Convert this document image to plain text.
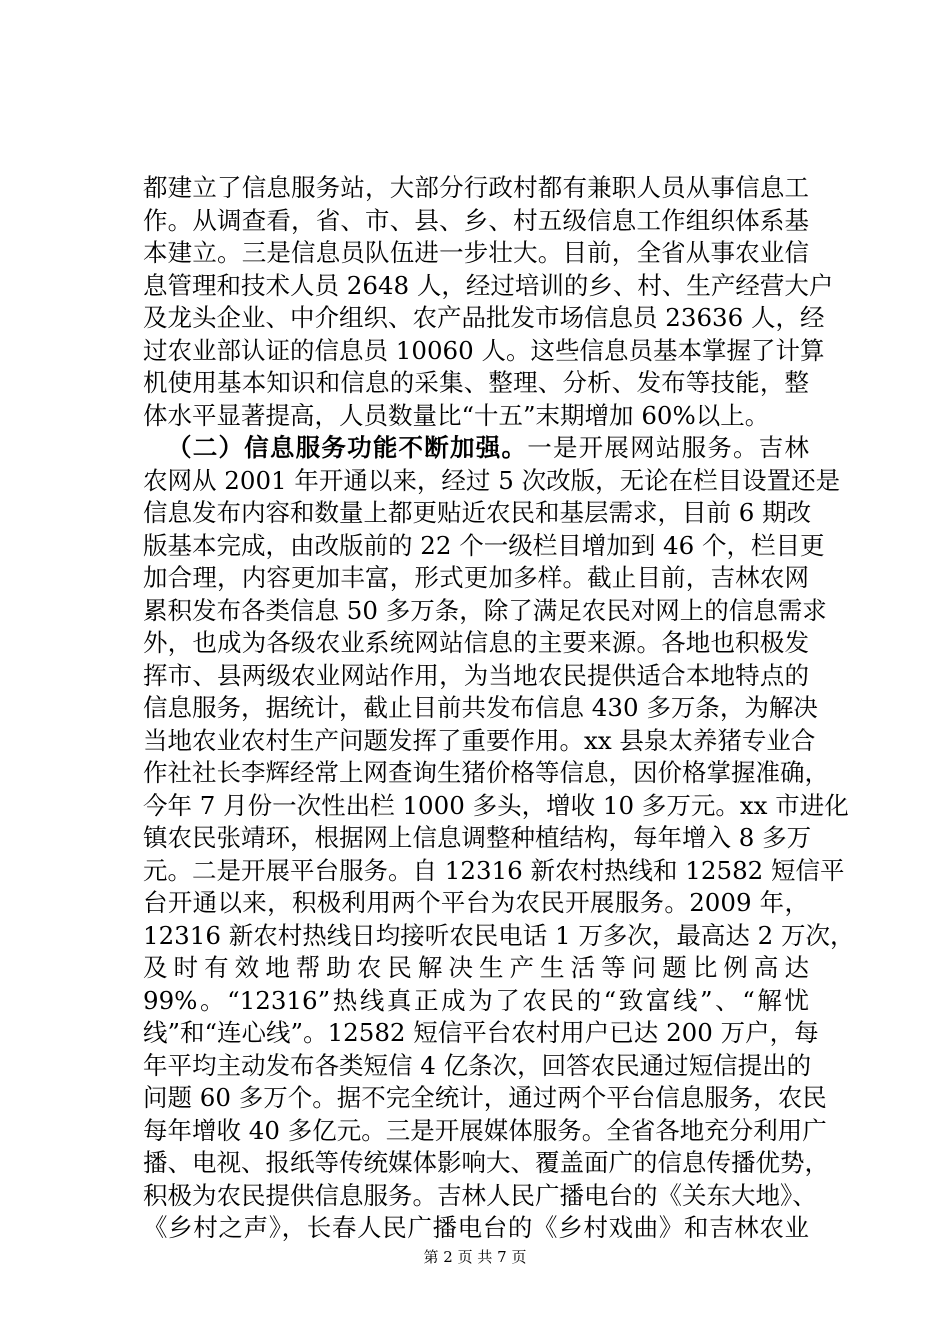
都建立了信息服务站，大部分行政村都有兼职人员从事信息工
作。从调查看，省、市、县、乡、村五级信息工作组织体系基
本建立。三是信息员队伍进一步壮大。目前，全省从事农业信
息管理和技术人员 2648 人，经过培训的乡、村、生产经营大户
及龙头企业、中介组织、农产品批发市场信息员 23636 人，经
过农业部认证的信息员 10060 人。这些信息员基本掌握了计算
机使用基本知识和信息的采集、整理、分析、发布等技能，整
体水平显著提高，人员数量比“十五”末期增加 60%以上。
（二）信息服务功能不断加强。一是开展网站服务。吉林
农网从 2001 年开通以来，经过 5 次改版，无论在栏目设置还是
信息发布内容和数量上都更贴近农民和基层需求，目前 6 期改
版基本完成，由改版前的 22 个一级栏目增加到 46 个，栏目更
加合理，内容更加丰富，形式更加多样。截止目前，吉林农网
累积发布各类信息 50 多万条，除了满足农民对网上的信息需求
外，也成为各级农业系统网站信息的主要来源。各地也积极发
挥市、县两级农业网站作用，为当地农民提供适合本地特点的
信息服务，据统计，截止目前共发布信息 430 多万条，为解决
当地农业农村生产问题发挥了重要作用。xx 县泉太养猪专业合
作社社长李辉经常上网查询生猪价格等信息，因价格掌握准确，
今年 7 月份一次性出栏 1000 多头，增收 10 多万元。xx 市进化
镇农民张靖环，根据网上信息调整种植结构，每年增入 8 多万
元。二是开展平台服务。自 12316 新农村热线和 12582 短信平
台开通以来，积极利用两个平台为农民开展服务。2009 年，
12316 新农村热线日均接听农民电话 1 万多次，最高达 2 万次，
及时有效地帮助农民解决生产生活等问题比例高达
99%。“12316”热线真正成为了农民的“致富线”、“解忧
线”和“连心线”。12582 短信平台农村用户已达 200 万户，每
年平均主动发布各类短信 4 亿条次，回答农民通过短信提出的
问题 60 多万个。据不完全统计，通过两个平台信息服务，农民
每年增收 40 多亿元。三是开展媒体服务。全省各地充分利用广
播、电视、报纸等传统媒体影响大、覆盖面广的信息传播优势，
积极为农民提供信息服务。吉林人民广播电台的《关东大地》、
《乡村之声》，长春人民广播电台的《乡村戏曲》和吉林农业
第 2 页 共 7 页
